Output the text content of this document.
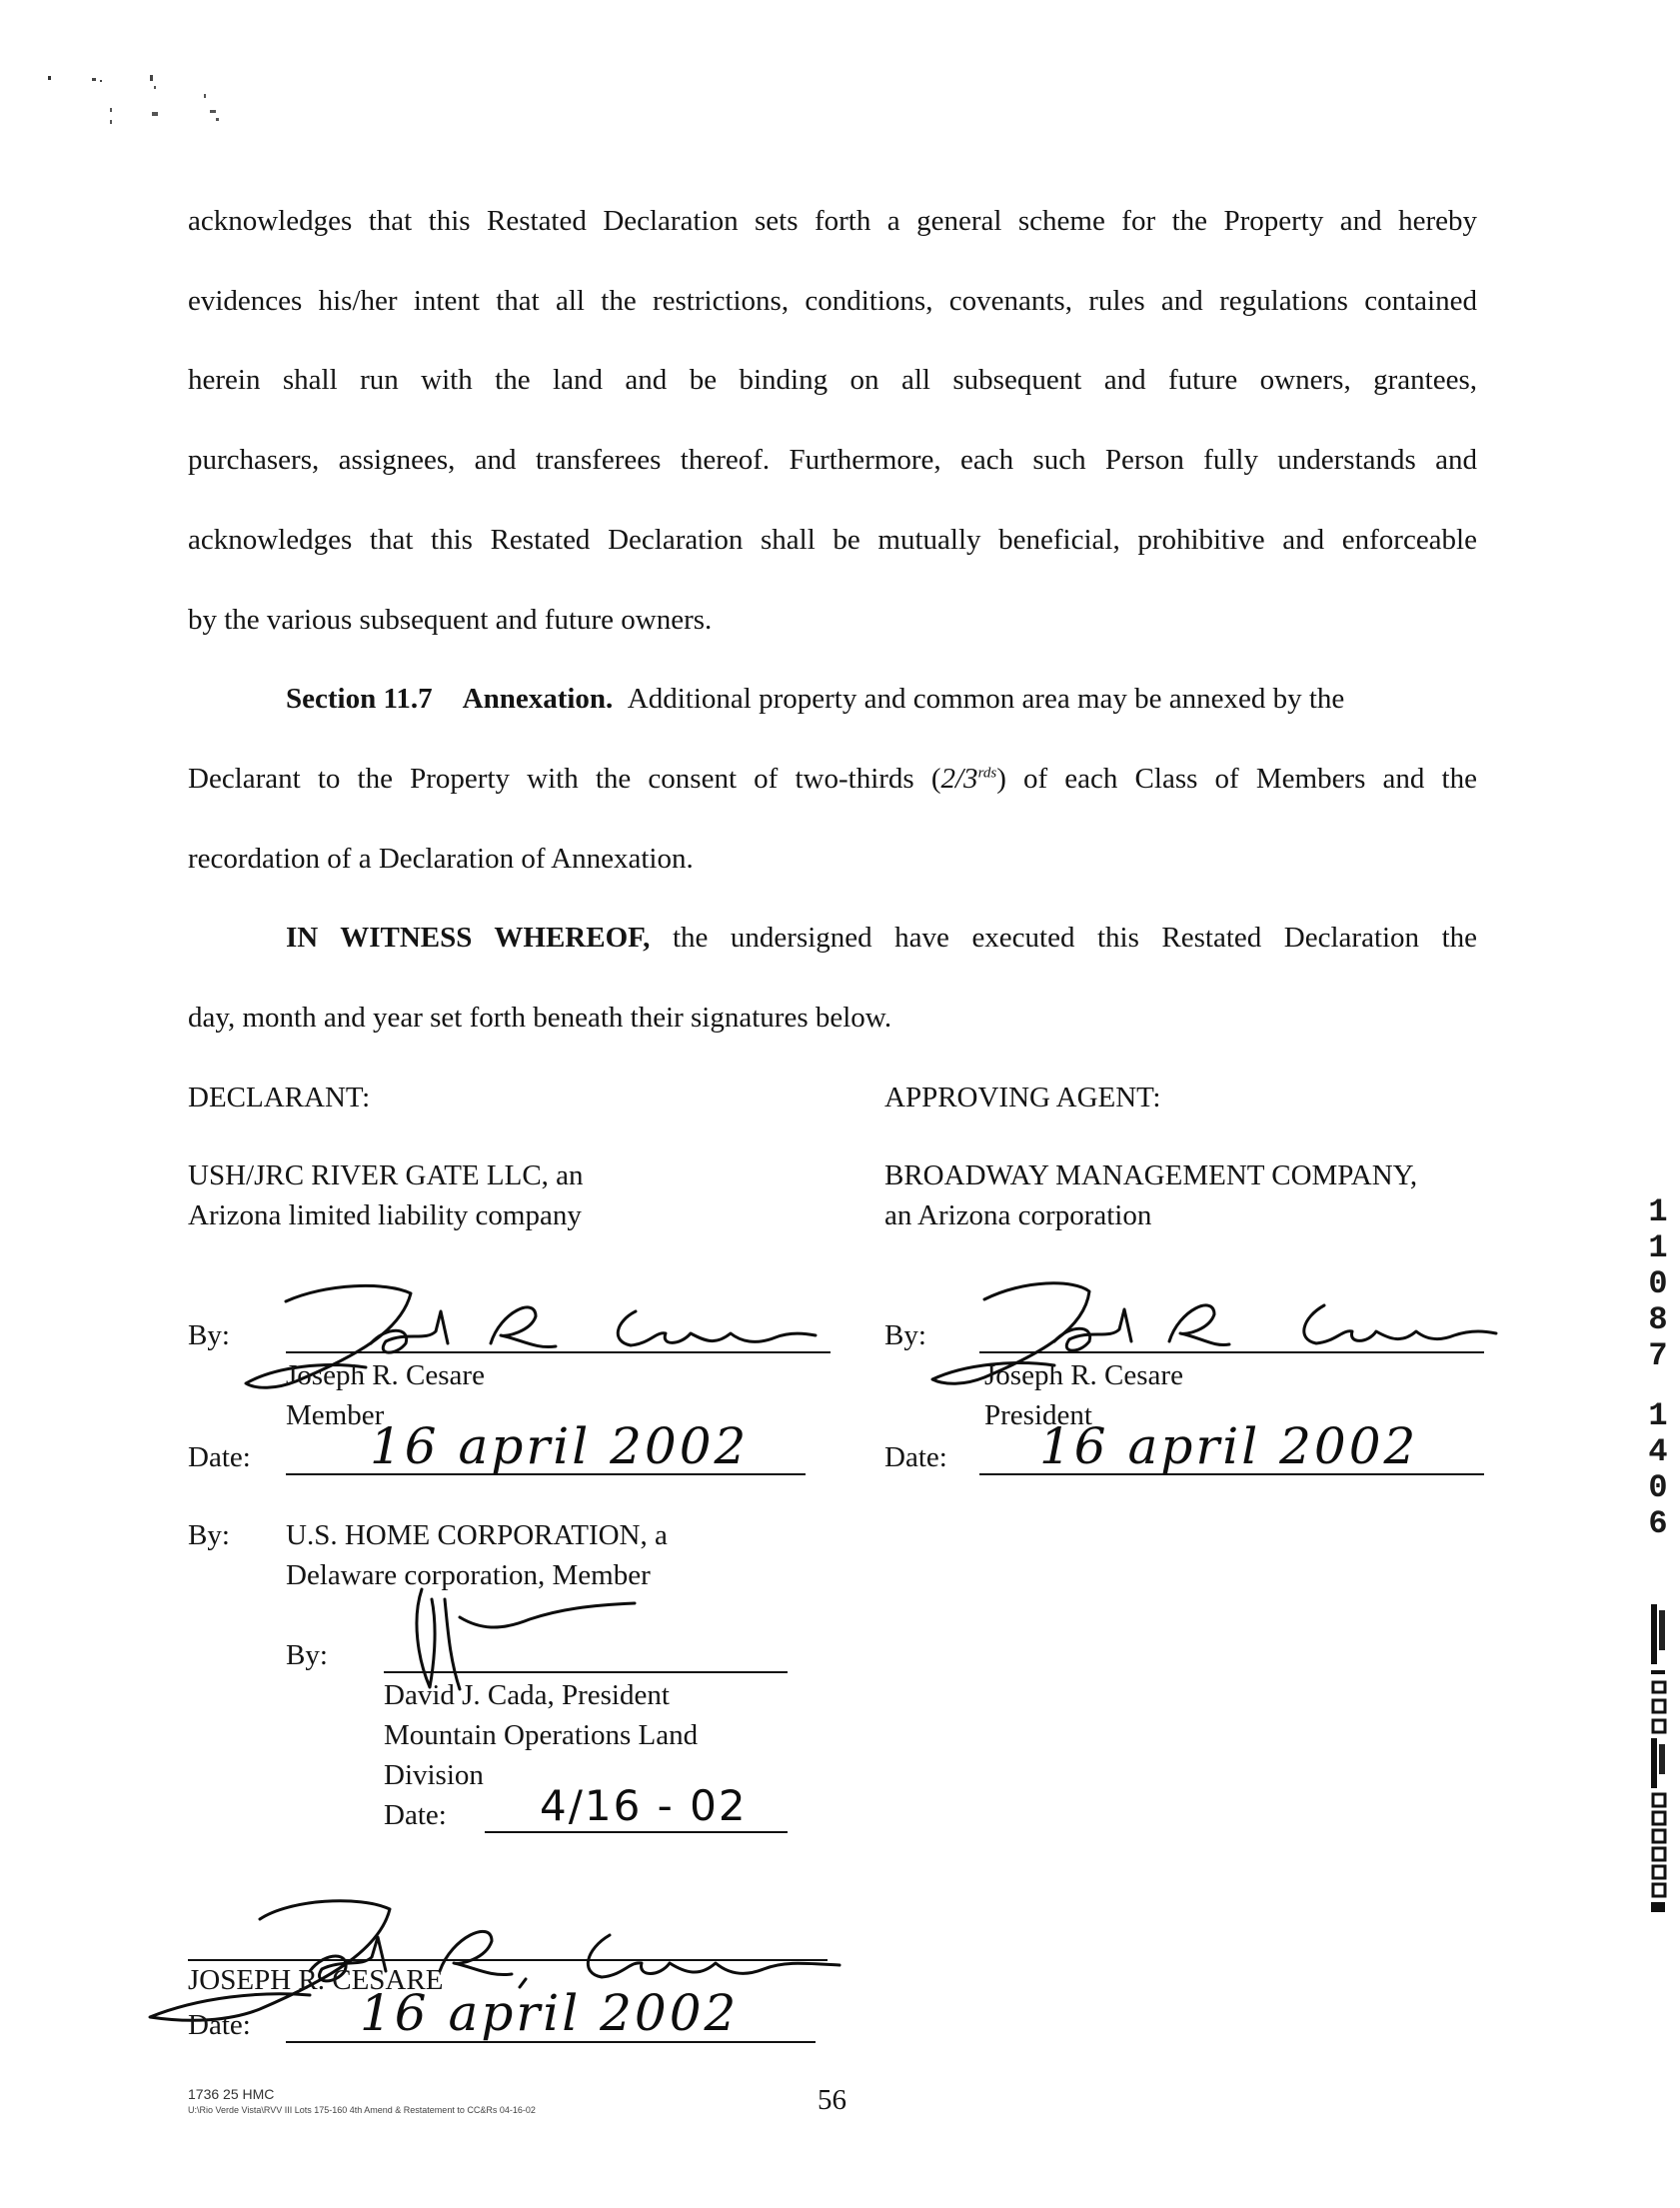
acknowledges that this Restated Declaration sets forth a general scheme for the Property and hereby
evidences his/her intent that all the restrictions, conditions, covenants, rules and regulations contained
herein shall run with the land and be binding on all subsequent and future owners, grantees,
purchasers, assignees, and transferees thereof. Furthermore, each such Person fully understands and
acknowledges that this Restated Declaration shall be mutually beneficial, prohibitive and enforceable
by the various subsequent and future owners.
Section 11.7 Annexation. Additional property and common area may be annexed by the
Declarant to the Property with the consent of two-thirds $(2/3^{rds})$ of each Class of Members and the
recordation of a Declaration of Annexation.
IN WITNESS WHEREOF, the undersigned have executed this Restated Declaration the
day, month and year set forth beneath their signatures below.
DECLARANT:
USH/JRC RIVER GATE LLC, an
Arizona limited liability company
By:
Joseph R. Cesare
Member
Date: 16 april 2002
APPROVING AGENT:
BROADWAY MANAGEMENT COMPANY,
an Arizona corporation
By:
Joseph R. Cesare
President
Date: 16 april 2002
By: U.S. HOME CORPORATION, a
Delaware corporation, Member
By:
David J. Cada, President
Mountain Operations Land
Division
Date: 4/16 - 02
JOSEPH R. CESARE
Date: 16 april 2002
1736 25 HMC
U:\Rio Verde Vista\RVV III Lots 175-160 4th Amend & Restatement to CC&Rs 04-16-02	56
1
1
0
8
7
1
4
0
6
